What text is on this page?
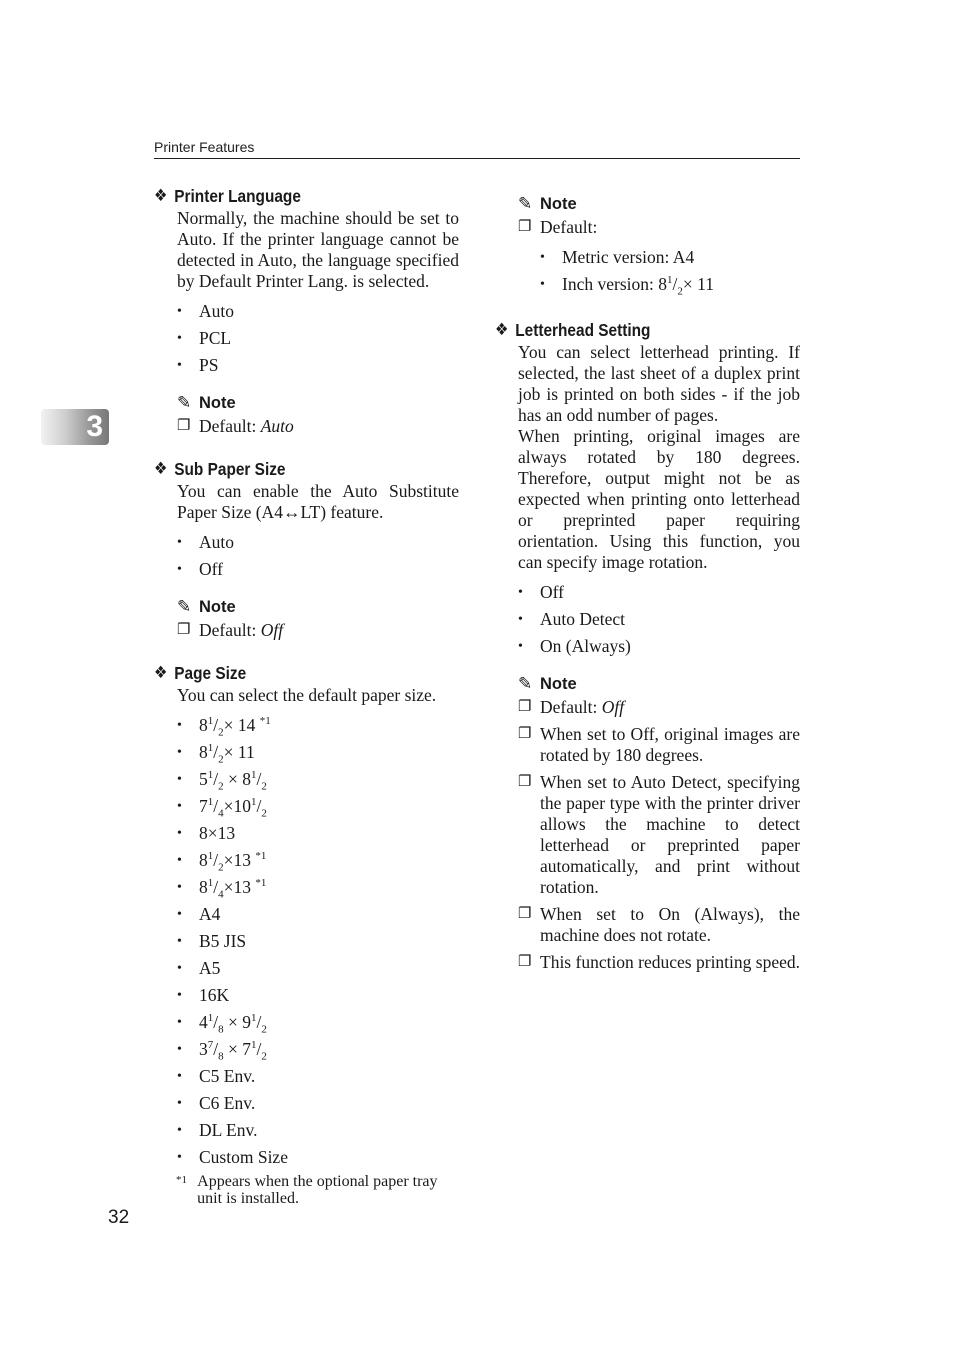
Printer Features
3
❖ Printer Language
Normally, the machine should be set to Auto. If the printer language cannot be detected in Auto, the language specified by Default Printer Lang. is selected.
• Auto
• PCL
• PS
✎ Note
❐ Default: Auto
❖ Sub Paper Size
You can enable the Auto Substitute Paper Size (A4↔LT) feature.
• Auto
• Off
✎ Note
❐ Default: Off
❖ Page Size
You can select the default paper size.
• $8^1/_2\times 14$ $^{*1}$
• $8^1/_2\times 11$
• $5^1/_2 \times 8^1/_2$
• $7^1/_4\times 10^1/_2$
• 8×13
• $8^1/_2\times 13$ $^{*1}$
• $8^1/_4\times 13$ $^{*1}$
• A4
• B5 JIS
• A5
• 16K
• $4^1/_8 \times 9^1/_2$
• $3^7/_8 \times 7^1/_2$
• C5 Env.
• C6 Env.
• DL Env.
• Custom Size
*1 Appears when the optional paper tray unit is installed.
✎ Note
❐ Default:
• Metric version: A4
• Inch version: $8^1/_2\times 11$
❖ Letterhead Setting
You can select letterhead printing. If selected, the last sheet of a duplex print job is printed on both sides - if the job has an odd number of pages.
When printing, original images are always rotated by 180 degrees. Therefore, output might not be as expected when printing onto letterhead or preprinted paper requiring orientation. Using this function, you can specify image rotation.
• Off
• Auto Detect
• On (Always)
✎ Note
❐ Default: Off
❐ When set to Off, original images are rotated by 180 degrees.
❐ When set to Auto Detect, specifying the paper type with the printer driver allows the machine to detect letterhead or preprinted paper automatically, and print without rotation.
❐ When set to On (Always), the machine does not rotate.
❐ This function reduces printing speed.
32
